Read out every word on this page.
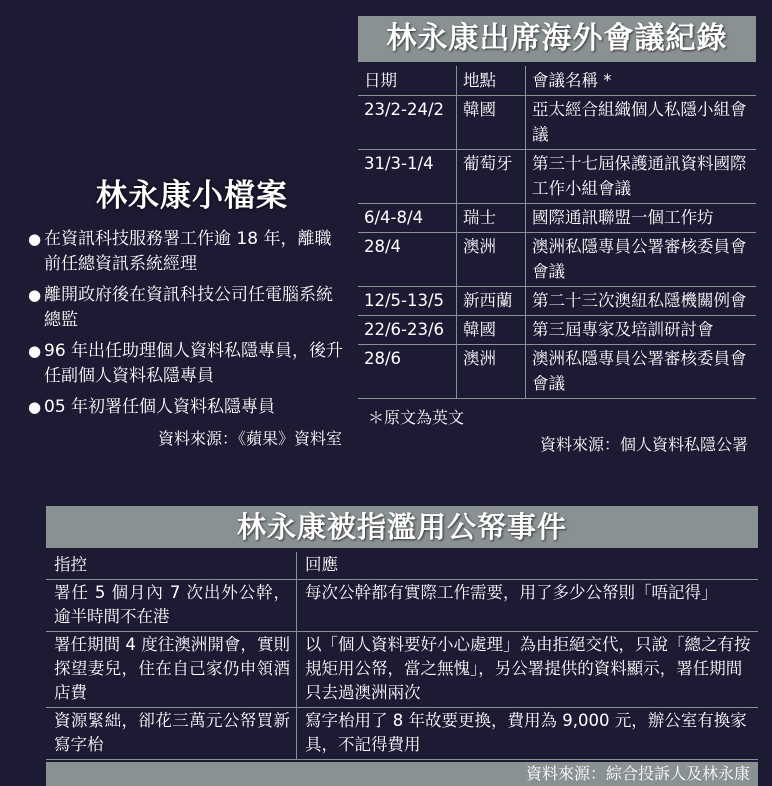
林永康小檔案
● 在資訊科技服務署工作逾 18 年，離職前任總資訊系統經理
● 離開政府後在資訊科技公司任電腦系統總監
● 96 年出任助理個人資料私隱專員，後升任副個人資料私隱專員
● 05 年初署任個人資料私隱專員
資料來源：《蘋果》資料室
林永康出席海外會議紀錄
日期	地點	會議名稱 *
23/2-24/2	韓國	亞太經合組織個人私隱小組會議
31/3-1/4	葡萄牙	第三十七屆保護通訊資料國際工作小組會議
6/4-8/4	瑞士	國際通訊聯盟一個工作坊
28/4	澳洲	澳洲私隱專員公署審核委員會會議
12/5-13/5	新西蘭	第二十三次澳紐私隱機關例會
22/6-23/6	韓國	第三屆專家及培訓研討會
28/6	澳洲	澳洲私隱專員公署審核委員會會議
＊原文為英文
資料來源：個人資料私隱公署
林永康被指濫用公帑事件
指控	回應
署任 5 個月內 7 次出外公幹，逾半時間不在港	每次公幹都有實際工作需要，用了多少公帑則「唔記得」
署任期間 4 度往澳洲開會，實則探望妻兒，住在自己家仍申領酒店費	以「個人資料要好小心處理」為由拒絕交代，只說「總之有按規矩用公帑，當之無愧」，另公署提供的資料顯示，署任期間只去過澳洲兩次
資源緊絀，卻花三萬元公帑買新寫字枱	寫字枱用了 8 年故要更換，費用為 9,000 元，辦公室有換家具，不記得費用
資料來源：綜合投訴人及林永康
